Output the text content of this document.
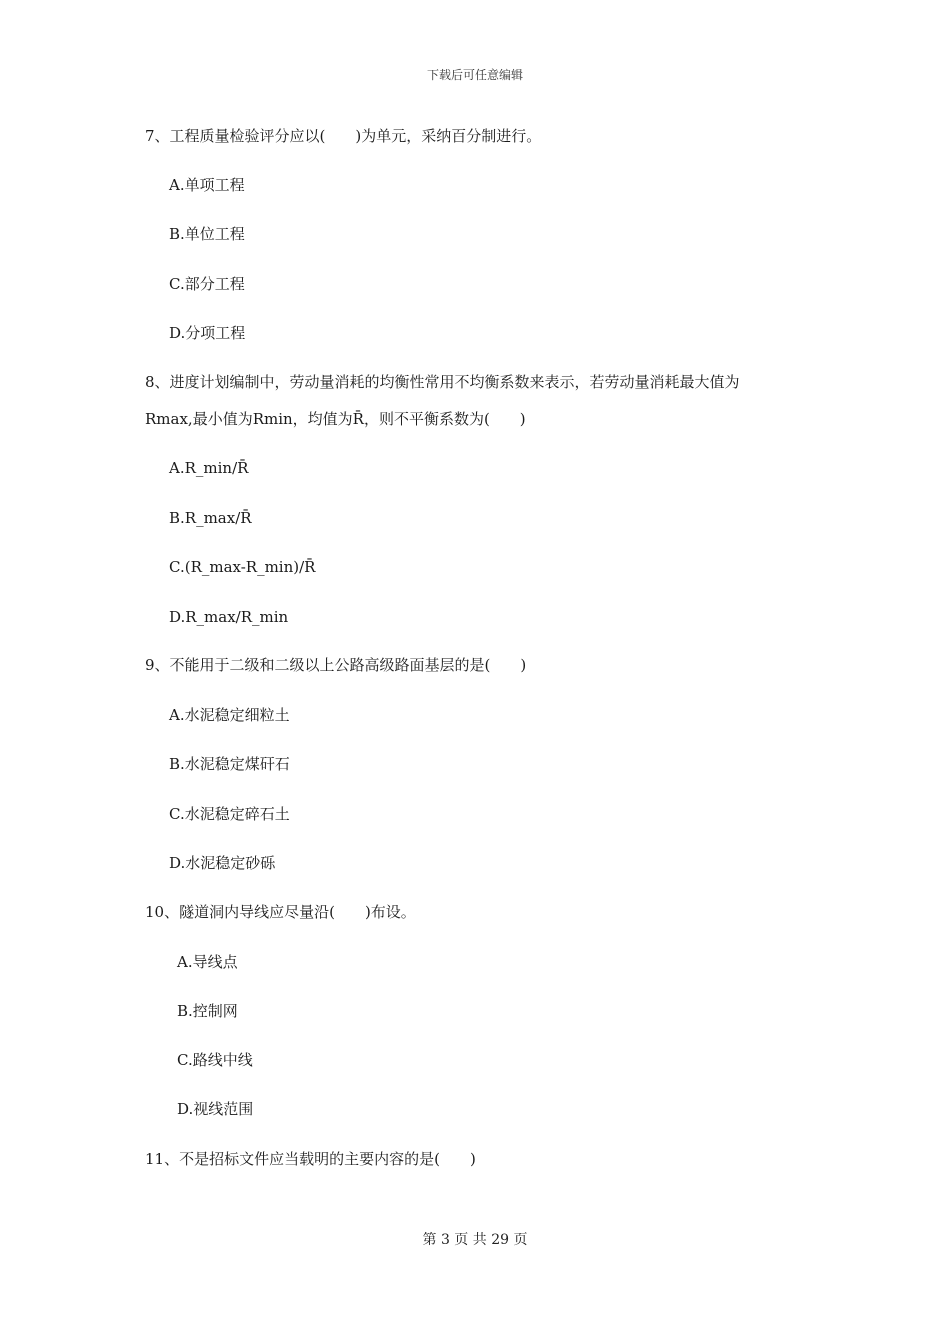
下载后可任意编辑
7、工程质量检验评分应以(　　)为单元，采纳百分制进行。
A.单项工程
B.单位工程
C.部分工程
D.分项工程
8、进度计划编制中，劳动量消耗的均衡性常用不均衡系数来表示，若劳动量消耗最大值为
Rmax,最小值为Rmin，均值为R̄，则不平衡系数为(　　)
A.R_min/R̄
B.R_max/R̄
C.(R_max-R_min)/R̄
D.R_max/R_min
9、不能用于二级和二级以上公路高级路面基层的是(　　)
A.水泥稳定细粒土
B.水泥稳定煤矸石
C.水泥稳定碎石土
D.水泥稳定砂砾
10、隧道洞内导线应尽量沿(　　)布设。
A.导线点
B.控制网
C.路线中线
D.视线范围
11、不是招标文件应当载明的主要内容的是(　　)
第 3 页 共 29 页
